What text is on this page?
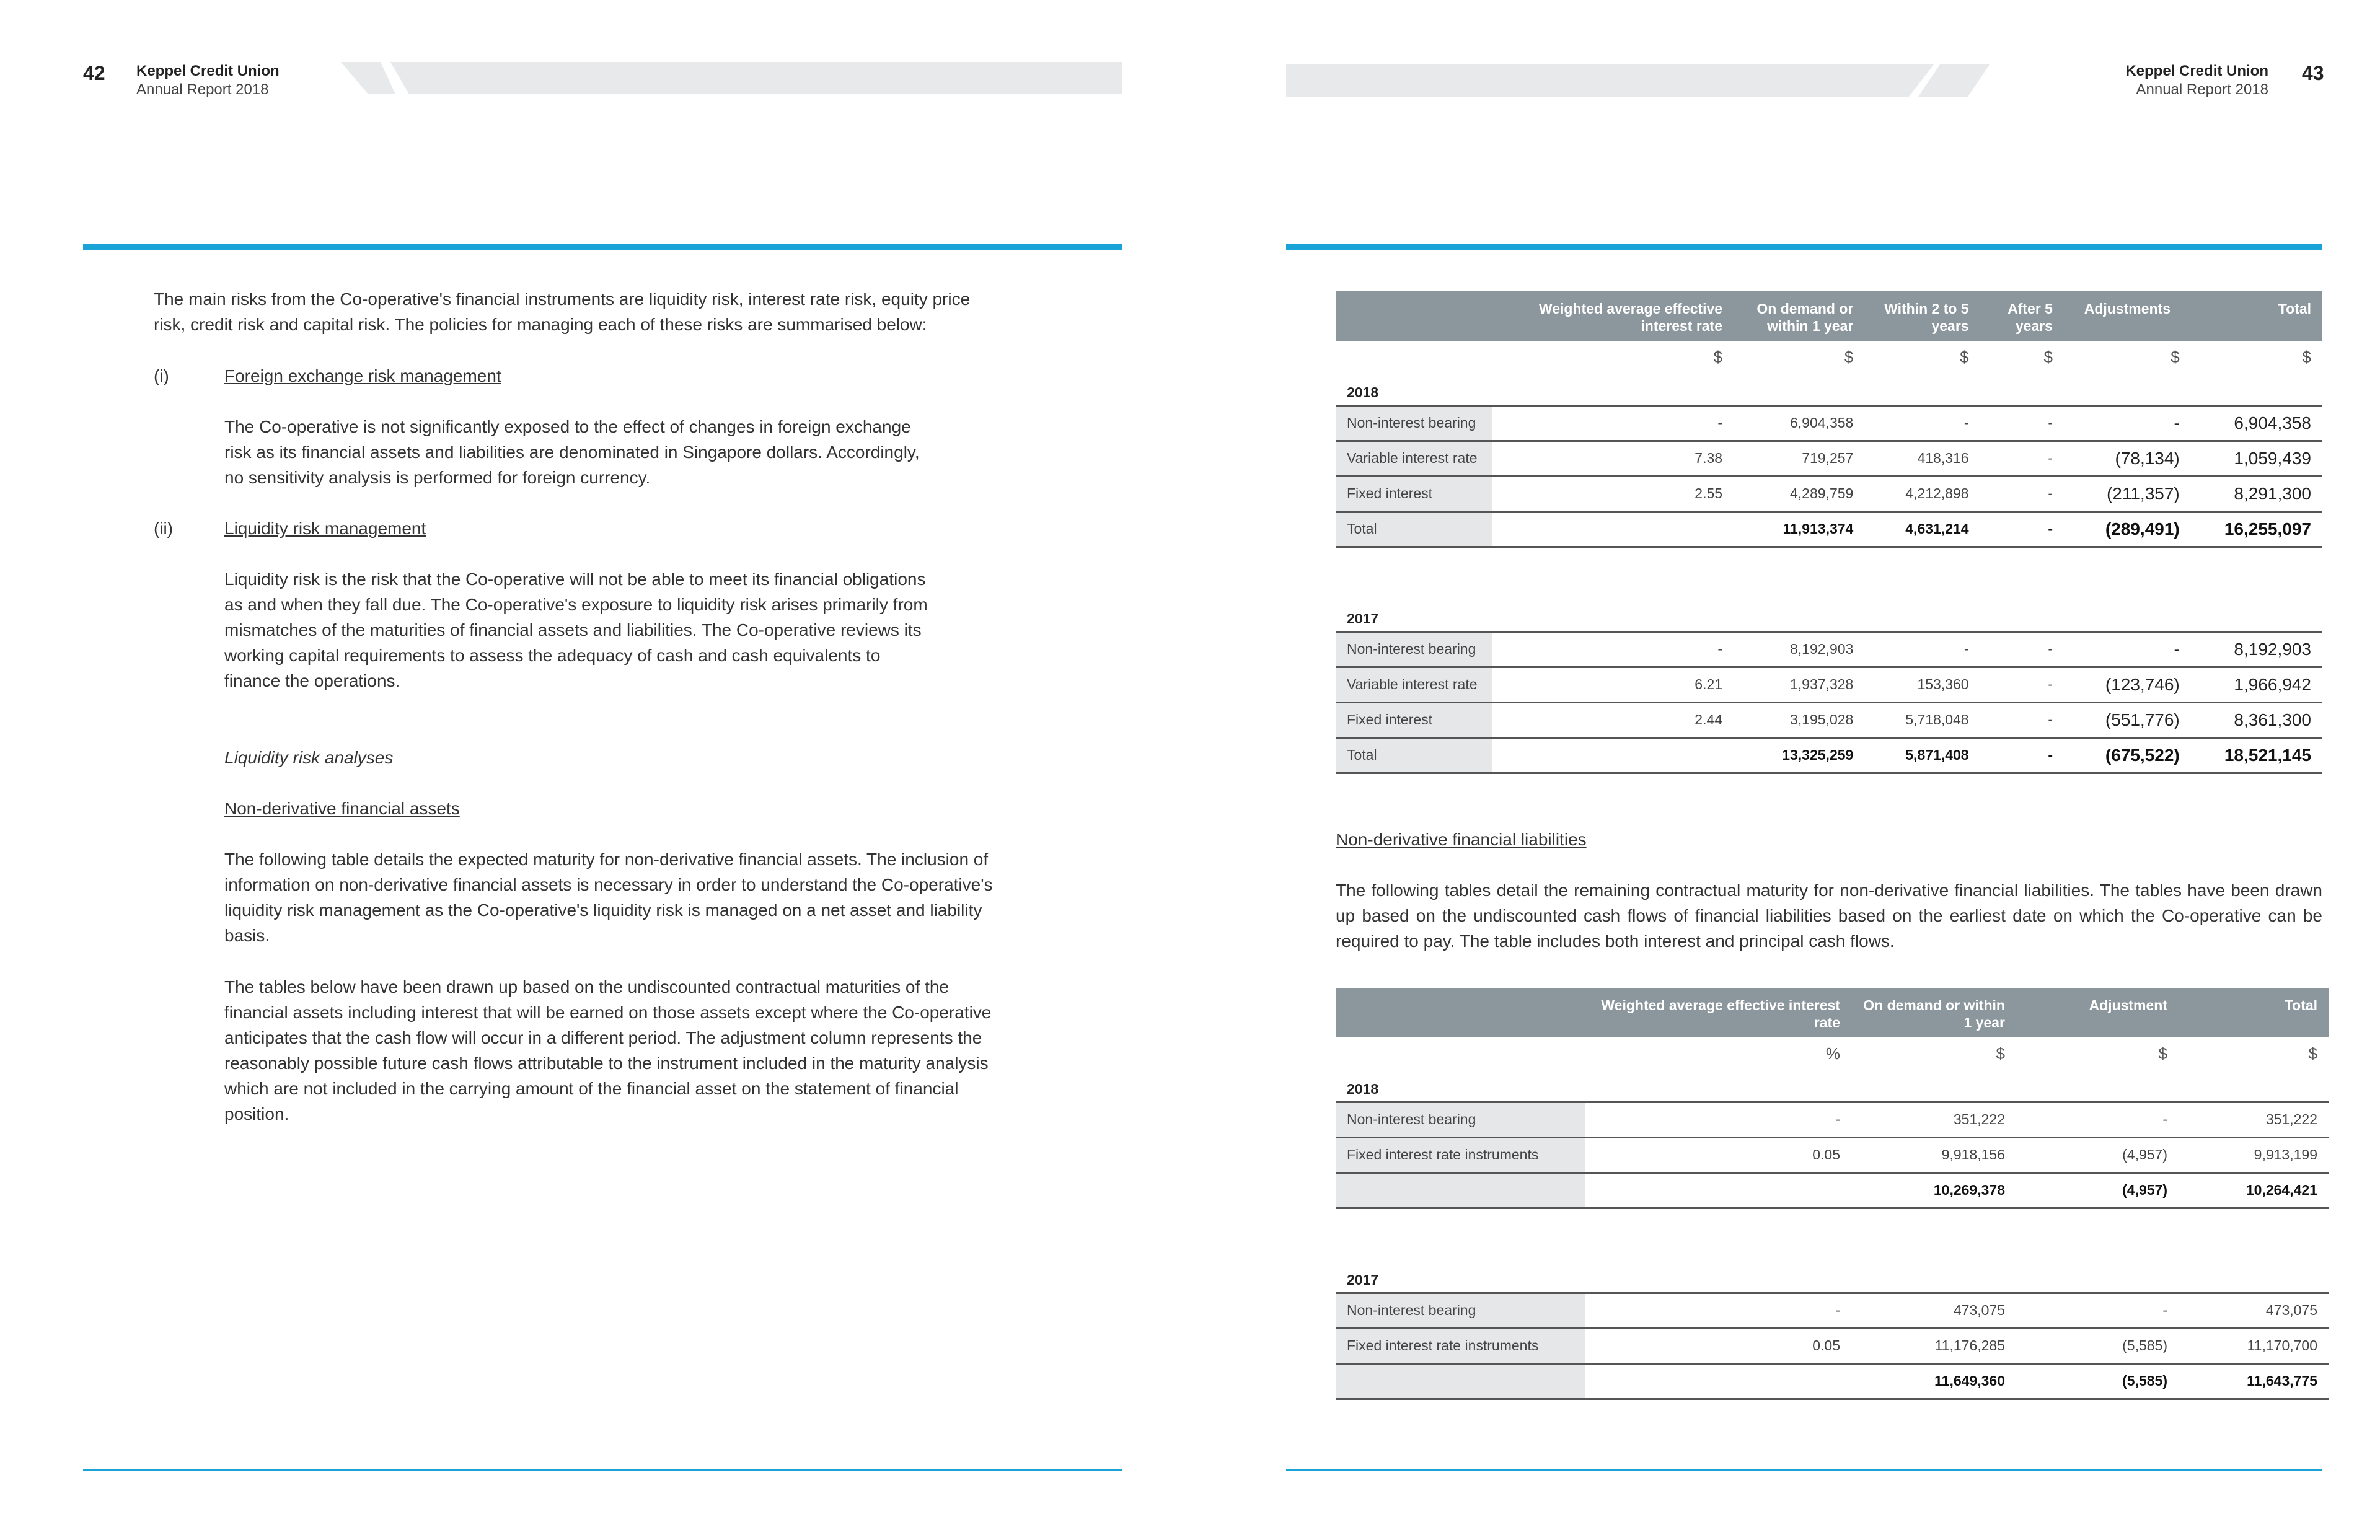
42 Keppel Credit Union
Annual Report 2018
The main risks from the Co-operative's financial instruments are liquidity risk, interest rate risk, equity price risk, credit risk and capital risk. The policies for managing each of these risks are summarised below:
(i)	Foreign exchange risk management
The Co-operative is not significantly exposed to the effect of changes in foreign exchange risk as its financial assets and liabilities are denominated in Singapore dollars. Accordingly, no sensitivity analysis is performed for foreign currency.
(ii)	Liquidity risk management
Liquidity risk is the risk that the Co-operative will not be able to meet its financial obligations as and when they fall due. The Co-operative's exposure to liquidity risk arises primarily from mismatches of the maturities of financial assets and liabilities. The Co-operative reviews its working capital requirements to assess the adequacy of cash and cash equivalents to finance the operations.
Liquidity risk analyses
Non-derivative financial assets
The following table details the expected maturity for non-derivative financial assets. The inclusion of information on non-derivative financial assets is necessary in order to understand the Co-operative's liquidity risk management as the Co-operative's liquidity risk is managed on a net asset and liability basis.
The tables below have been drawn up based on the undiscounted contractual maturities of the financial assets including interest that will be earned on those assets except where the Co-operative anticipates that the cash flow will occur in a different period. The adjustment column represents the reasonably possible future cash flows attributable to the instrument included in the maturity analysis which are not included in the carrying amount of the financial asset on the statement of financial position.
Keppel Credit Union
Annual Report 2018
43
	Weighted average effective interest rate	On demand or within 1 year	Within 2 to 5 years	After 5 years	Adjustments	Total
	$	$	$	$	$	$
2018						
Non-interest bearing	-	6,904,358	-	-	-	6,904,358
Variable interest rate	7.38	719,257	418,316	-	(78,134)	1,059,439
Fixed interest	2.55	4,289,759	4,212,898	-	(211,357)	8,291,300
Total		11,913,374	4,631,214	-	(289,491)	16,255,097

2017						
Non-interest bearing	-	8,192,903	-	-	-	8,192,903
Variable interest rate	6.21	1,937,328	153,360	-	(123,746)	1,966,942
Fixed interest	2.44	3,195,028	5,718,048	-	(551,776)	8,361,300
Total		13,325,259	5,871,408	-	(675,522)	18,521,145
Non-derivative financial liabilities
The following tables detail the remaining contractual maturity for non-derivative financial liabilities. The tables have been drawn up based on the undiscounted cash flows of financial liabilities based on the earliest date on which the Co-operative can be required to pay. The table includes both interest and principal cash flows.
	Weighted average effective interest rate	On demand or within 1 year	Adjustment	Total
	%	$	$	$
2018				
Non-interest bearing	-	351,222	-	351,222
Fixed interest rate instruments	0.05	9,918,156	(4,957)	9,913,199
		10,269,378	(4,957)	10,264,421

2017				
Non-interest bearing	-	473,075	-	473,075
Fixed interest rate instruments	0.05	11,176,285	(5,585)	11,170,700
		11,649,360	(5,585)	11,643,775
